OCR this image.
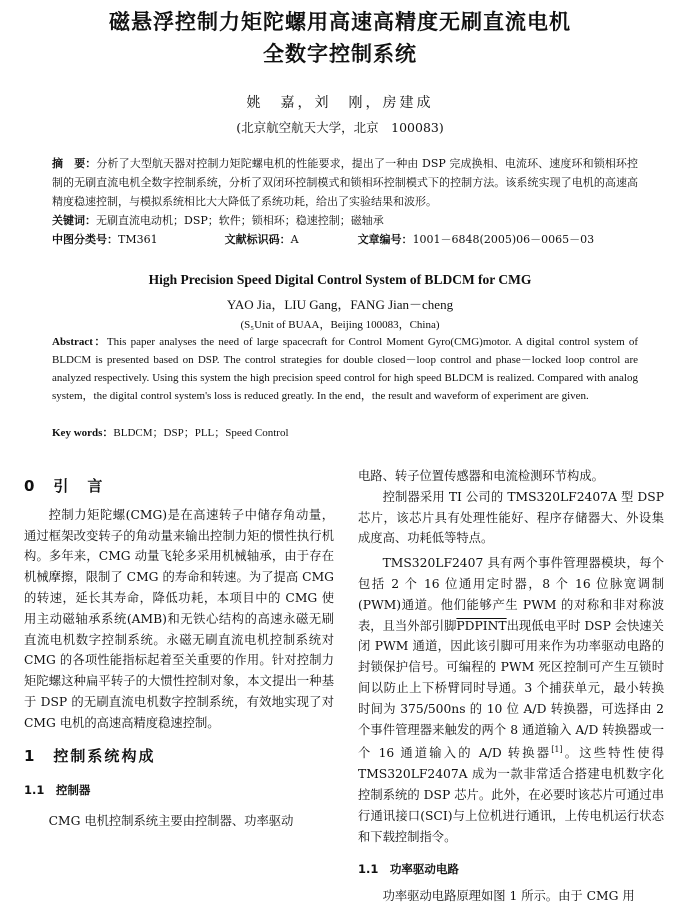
磁悬浮控制力矩陀螺用高速高精度无刷直流电机
全数字控制系统
姚　嘉，刘　刚，房建成
(北京航空航天大学，北京　100083)

摘　要：分析了大型航天器对控制力矩陀螺电机的性能要求，提出了一种由 DSP 完成换相、电流环、速度环和锁相环控制的无刷直流电机全数字控制系统，分析了双闭环控制模式和锁相环控制模式下的控制方法。该系统实现了电机的高速高精度稳速控制，与模拟系统相比大大降低了系统功耗，给出了实验结果和波形。

关键词：无刷直流电动机；DSP；软件；锁相环；稳速控制；磁轴承

中图分类号：TM361	文献标识码：A	文章编号：1001－6848(2005)06－0065－03

High Precision Speed Digital Control System of BLDCM for CMG
YAO Jia，LIU Gang，FANG Jian－cheng
(S₅Unit of BUAA，Beijing 100083，China)
Abstract：This paper analyses the need of large spacecraft for Control Moment Gyro(CMG)motor. A digital control system of BLDCM is presented based on DSP. The control strategies for double closed－loop control and phase－locked loop control are analyzed respectively. Using this system the high precision speed control for high speed BLDCM is realized. Compared with analog system，the digital control system's loss is reduced greatly. In the end，the result and waveform of experiment are given.
Key words：BLDCM；DSP；PLL；Speed Control
0　引　言

控制力矩陀螺(CMG)是在高速转子中储存角动量，通过框架改变转子的角动量来输出控制力矩的惯性执行机构。多年来，CMG 动量飞轮多采用机械轴承，由于存在机械摩擦，限制了 CMG 的寿命和转速。为了提高 CMG 的转速，延长其寿命，降低功耗，本项目中的 CMG 使用主动磁轴承系统(AMB)和无铁心结构的高速永磁无刷直流电机数字控制系统。永磁无刷直流电机控制系统对 CMG 的各项性能指标起着至关重要的作用。针对控制力矩陀螺这种扁平转子的大惯性控制对象，本文提出一种基于 DSP 的无刷直流电机数字控制系统，有效地实现了对 CMG 电机的高速高精度稳速控制。

1　控制系统构成
1.1　控制器

CMG 电机控制系统主要由控制器、功率驱动

电路、转子位置传感器和电流检测环节构成。

控制器采用 TI 公司的 TMS320LF2407A 型 DSP 芯片，该芯片具有处理性能好、程序存储器大、外设集成度高、功耗低等特点。

TMS320LF2407 具有两个事件管理器模块，每个包括 2 个 16 位通用定时器，8 个 16 位脉宽调制(PWM)通道。他们能够产生 PWM 的对称和非对称波表，且当外部引脚PDPINT出现低电平时 DSP 会快速关闭 PWM 通道，因此该引脚可用来作为功率驱动电路的封锁保护信号。可编程的 PWM 死区控制可产生互锁时间以防止上下桥臂同时导通。3 个捕获单元，最小转换时间为 375/500ns 的 10 位 A/D 转换器，可选择由 2 个事件管理器来触发的两个 8 通道输入 A/D 转换器或一个 16 通道输入的 A/D 转换器[1]。这些特性使得 TMS320LF2407A 成为一款非常适合搭建电机数字化控制系统的 DSP 芯片。此外，在必要时该芯片可通过串行通讯接口(SCI)与上位机进行通讯，上传电机运行状态和下载控制指令。

1.1　功率驱动电路

功率驱动电路原理如图 1 所示。由于 CMG 用
